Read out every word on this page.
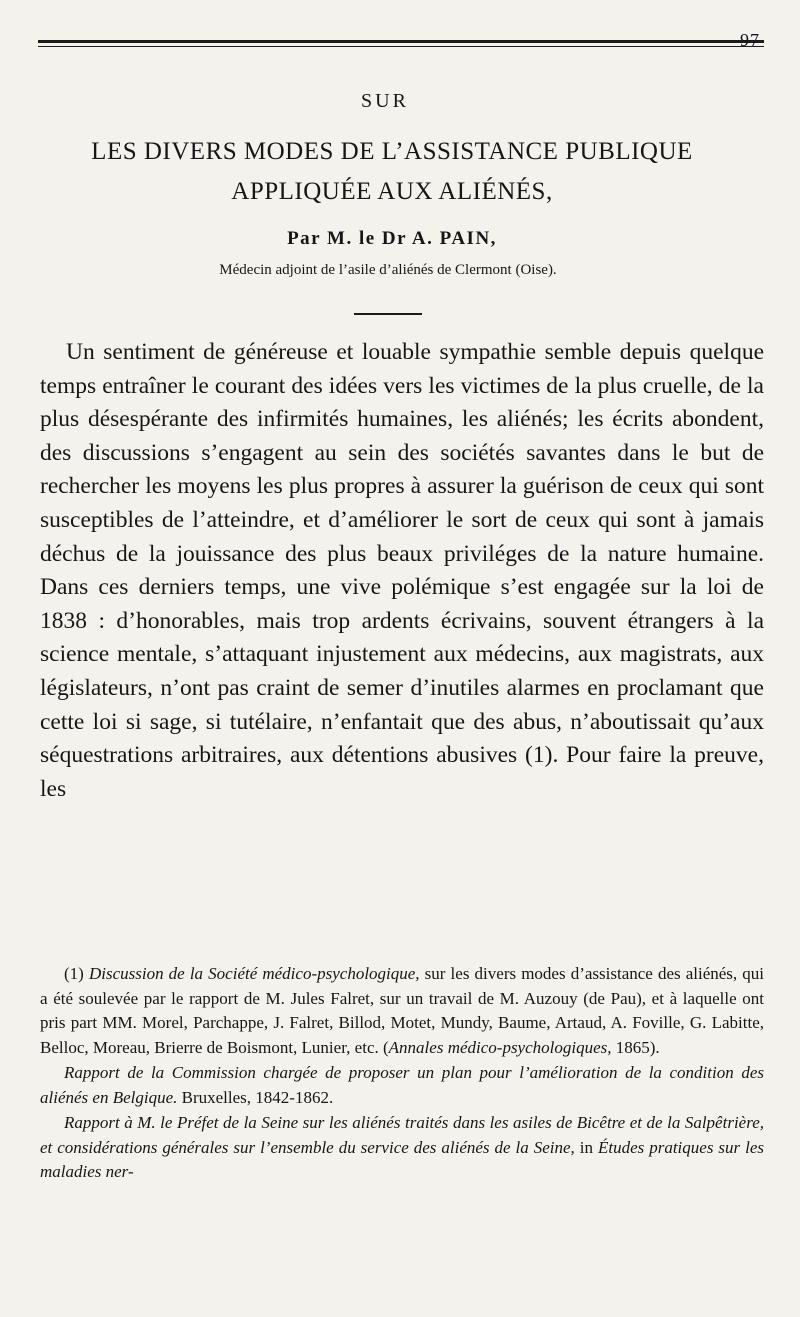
97
SUR
LES DIVERS MODES DE L’ASSISTANCE PUBLIQUE
APPLIQUÉE AUX ALIÉNÉS,
Par M. le Dr A. PAIN,
Médecin adjoint de l’asile d’aliénés de Clermont (Oise).

Un sentiment de généreuse et louable sympathie semble depuis quelque temps entraîner le courant des idées vers les victimes de la plus cruelle, de la plus désespérante des infirmités humaines, les aliénés; les écrits abondent, des discussions s’engagent au sein des sociétés savantes dans le but de rechercher les moyens les plus propres à assurer la guérison de ceux qui sont susceptibles de l’atteindre, et d’améliorer le sort de ceux qui sont à jamais déchus de la jouissance des plus beaux priviléges de la nature humaine. Dans ces derniers temps, une vive polémique s’est engagée sur la loi de 1838 : d’honorables, mais trop ardents écrivains, souvent étrangers à la science mentale, s’attaquant injustement aux médecins, aux magistrats, aux législateurs, n’ont pas craint de semer d’inutiles alarmes en proclamant que cette loi si sage, si tutélaire, n’enfantait que des abus, n’aboutissait qu’aux séquestrations arbitraires, aux détentions abusives (1). Pour faire la preuve, les

(1) Discussion de la Société médico-psychologique, sur les divers modes d’assistance des aliénés, qui a été soulevée par le rapport de M. Jules Falret, sur un travail de M. Auzouy (de Pau), et à laquelle ont pris part MM. Morel, Parchappe, J. Falret, Billod, Motet, Mundy, Baume, Artaud, A. Foville, G. Labitte, Belloc, Moreau, Brierre de Boismont, Lunier, etc. (Annales médico-psychologiques, 1865).

Rapport de la Commission chargée de proposer un plan pour l’amélioration de la condition des aliénés en Belgique. Bruxelles, 1842-1862.

Rapport à M. le Préfet de la Seine sur les aliénés traités dans les asiles de Bicêtre et de la Salpêtrière, et considérations générales sur l’ensemble du service des aliénés de la Seine, in Études pratiques sur les maladies ner-
